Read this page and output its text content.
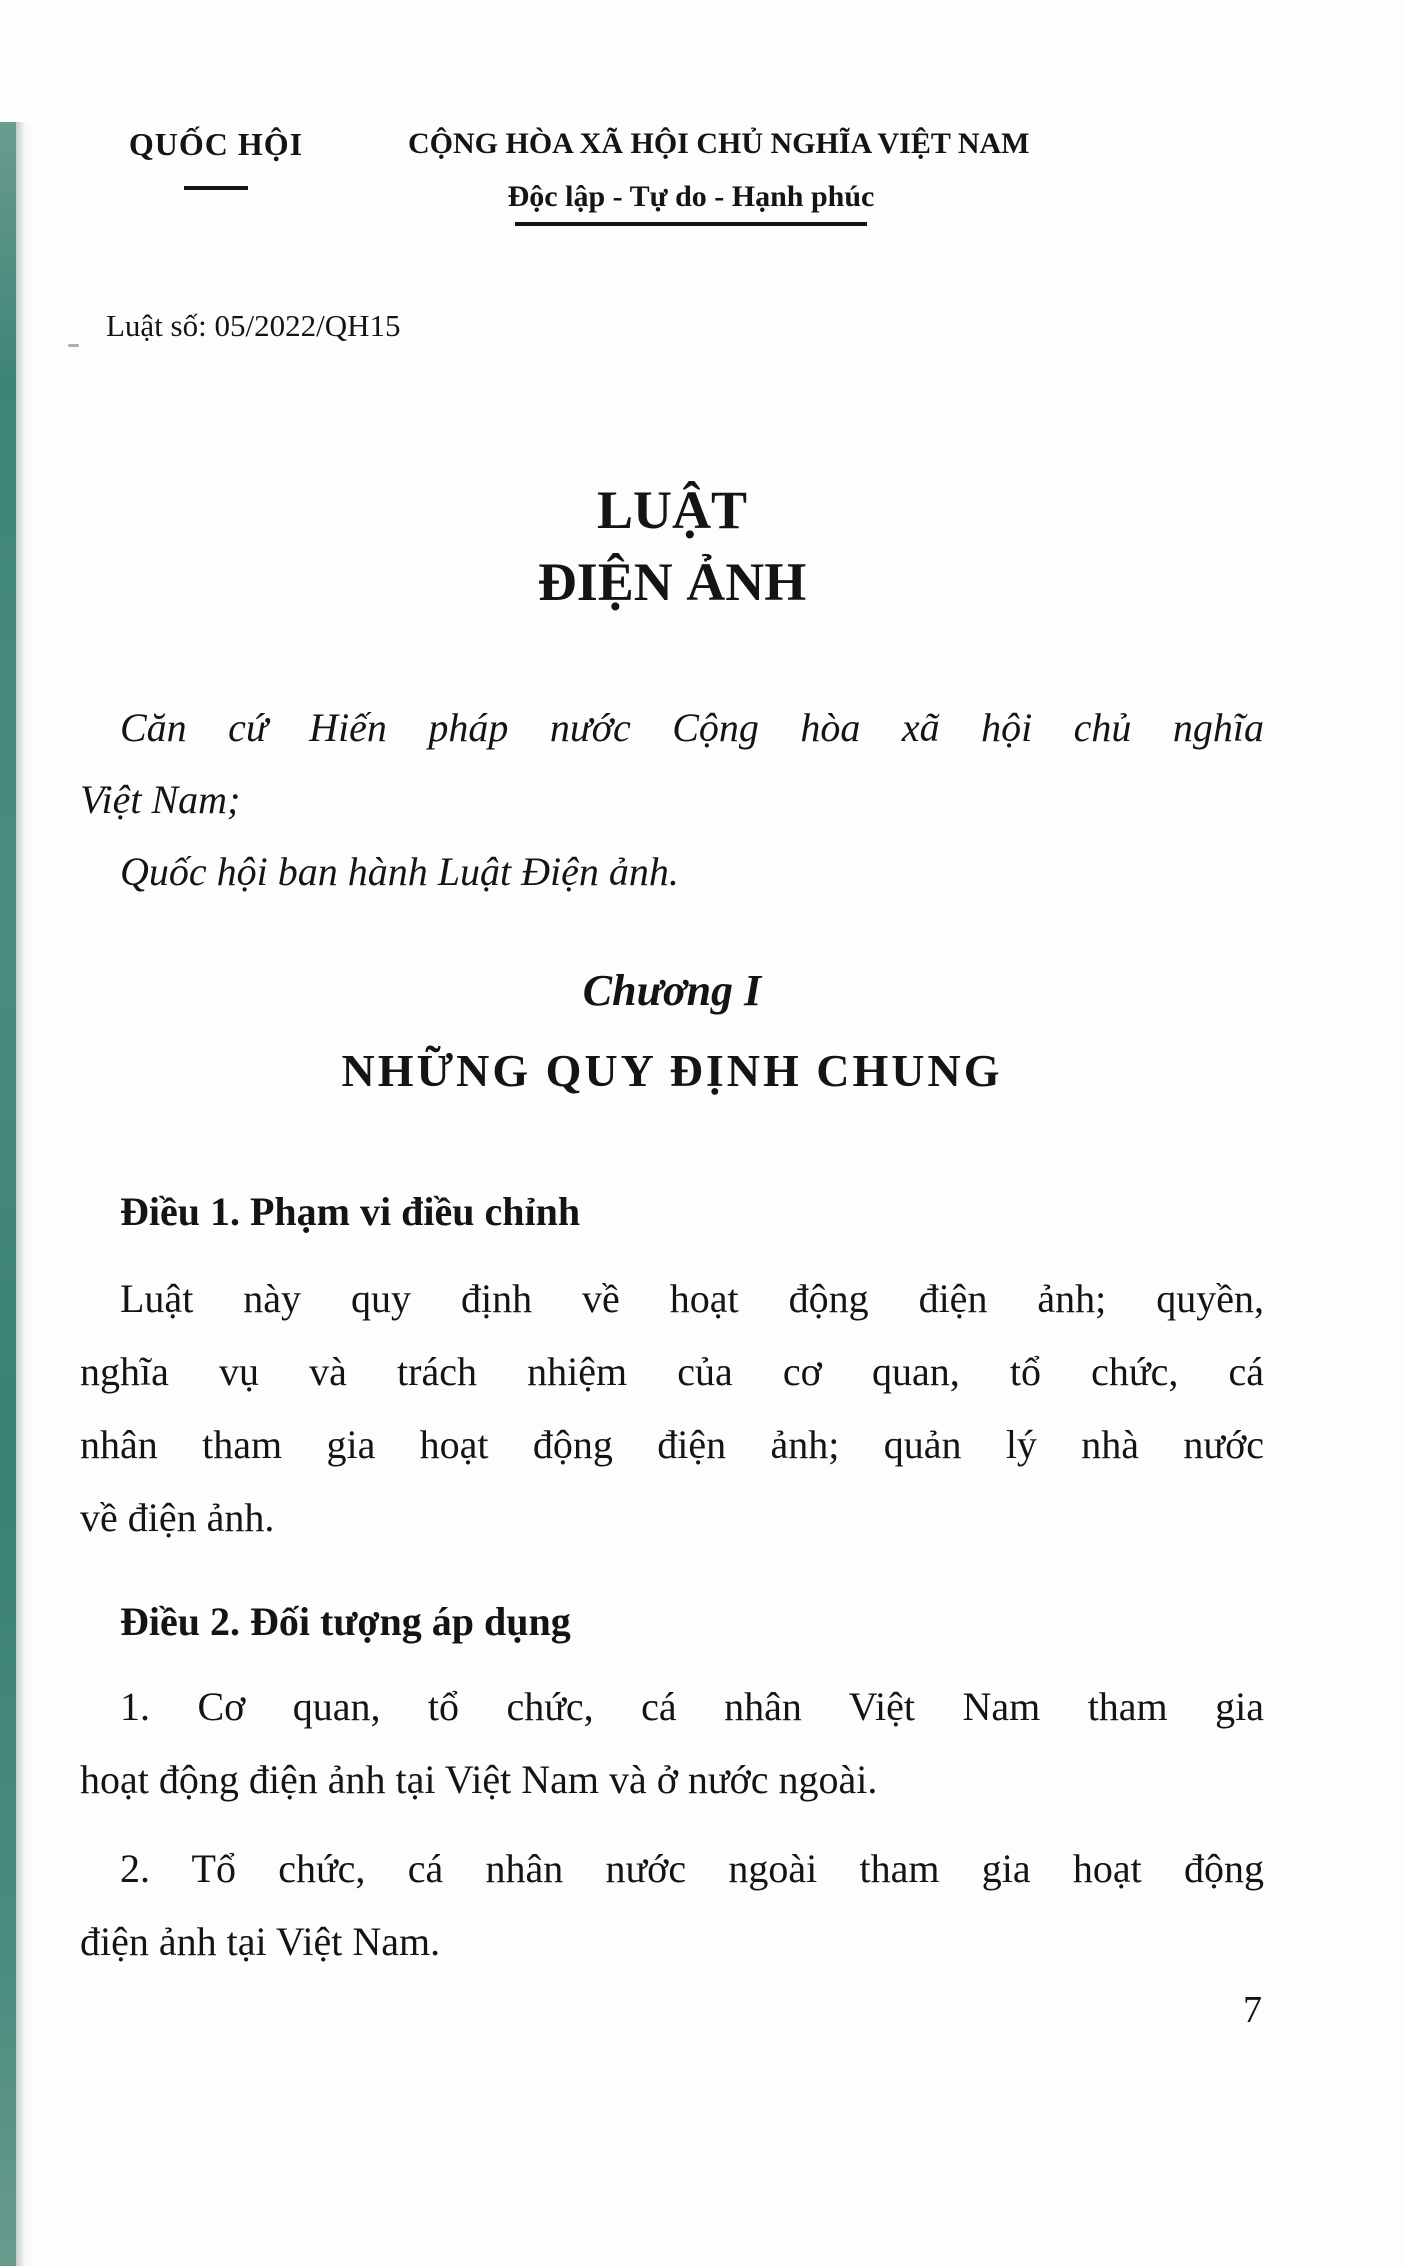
QUỐC HỘI	CỘNG HÒA XÃ HỘI CHỦ NGHĨA VIỆT NAM
Độc lập - Tự do - Hạnh phúc
Luật số: 05/2022/QH15
LUẬT
ĐIỆN ẢNH
Căn cứ Hiến pháp nước Cộng hòa xã hội chủ nghĩa
Việt Nam;
Quốc hội ban hành Luật Điện ảnh.
Chương I
NHỮNG QUY ĐỊNH CHUNG
Điều 1. Phạm vi điều chỉnh
Luật này quy định về hoạt động điện ảnh; quyền,
nghĩa vụ và trách nhiệm của cơ quan, tổ chức, cá
nhân tham gia hoạt động điện ảnh; quản lý nhà nước
về điện ảnh.
Điều 2. Đối tượng áp dụng
1. Cơ quan, tổ chức, cá nhân Việt Nam tham gia
hoạt động điện ảnh tại Việt Nam và ở nước ngoài.
2. Tổ chức, cá nhân nước ngoài tham gia hoạt động
điện ảnh tại Việt Nam.
7
